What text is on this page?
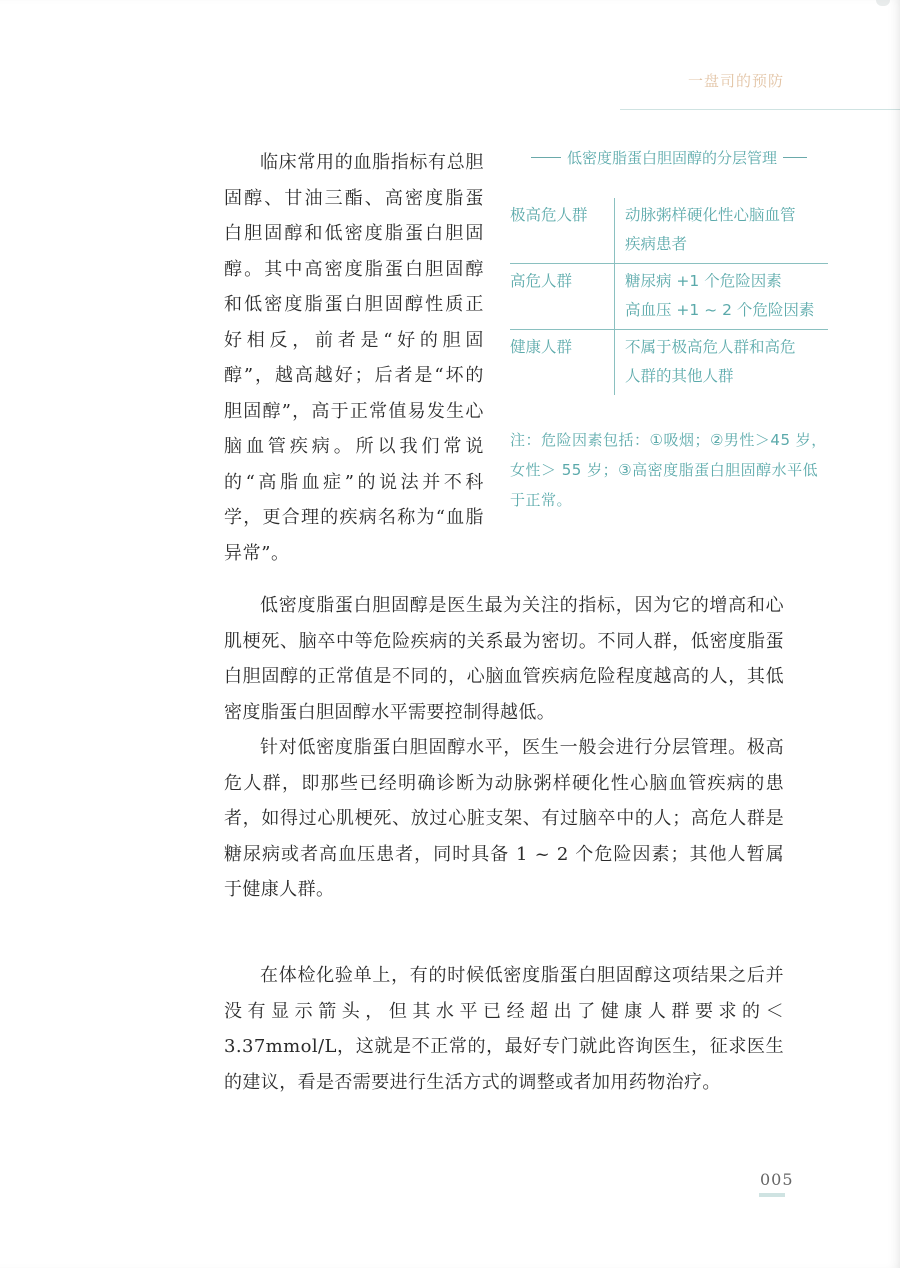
一盘司的预防

临床常用的血脂指标有总胆固醇、甘油三酯、高密度脂蛋白胆固醇和低密度脂蛋白胆固醇。其中高密度脂蛋白胆固醇和低密度脂蛋白胆固醇性质正好相反，前者是“好的胆固醇”，越高越好；后者是“坏的胆固醇”，高于正常值易发生心脑血管疾病。所以我们常说的“高脂血症”的说法并不科学，更合理的疾病名称为“血脂异常”。

低密度脂蛋白胆固醇的分层管理
极高危人群	动脉粥样硬化性心脑血管
疾病患者

高危人群	糖尿病 +1 个危险因素
高血压 +1 ~ 2 个危险因素

健康人群	不属于极高危人群和高危
人群的其他人群
注：危险因素包括：①吸烟；②男性＞45 岁，女性＞ 55 岁；③高密度脂蛋白胆固醇水平低于正常。

低密度脂蛋白胆固醇是医生最为关注的指标，因为它的增高和心肌梗死、脑卒中等危险疾病的关系最为密切。不同人群，低密度脂蛋白胆固醇的正常值是不同的，心脑血管疾病危险程度越高的人，其低密度脂蛋白胆固醇水平需要控制得越低。

针对低密度脂蛋白胆固醇水平，医生一般会进行分层管理。极高危人群，即那些已经明确诊断为动脉粥样硬化性心脑血管疾病的患者，如得过心肌梗死、放过心脏支架、有过脑卒中的人；高危人群是糖尿病或者高血压患者，同时具备 1 ~ 2 个危险因素；其他人暂属于健康人群。

在体检化验单上，有的时候低密度脂蛋白胆固醇这项结果之后并没有显示箭头，但其水平已经超出了健康人群要求的＜ 3.37mmol/L，这就是不正常的，最好专门就此咨询医生，征求医生的建议，看是否需要进行生活方式的调整或者加用药物治疗。

005
